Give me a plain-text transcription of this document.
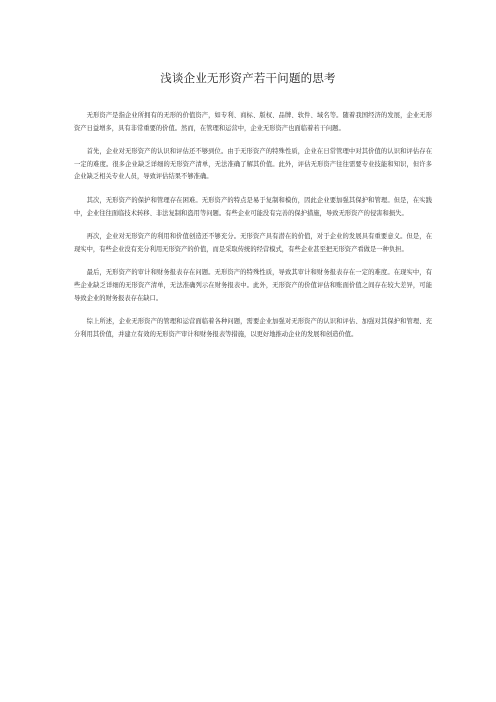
浅谈企业无形资产若干问题的思考

无形资产是指企业所拥有的无形的价值资产，如专利、商标、版权、品牌、软件、域名等。随着我国经济的发展，企业无形资产日益增多，具有非常重要的价值。然而，在管理和运营中，企业无形资产也面临着若干问题。

首先，企业对无形资产的认识和评估还不够到位。由于无形资产的特殊性质，企业在日常管理中对其价值的认识和评估存在一定的难度。很多企业缺乏详细的无形资产清单，无法准确了解其价值。此外，评估无形资产往往需要专业技能和知识，但许多企业缺乏相关专业人员，导致评估结果不够准确。

其次，无形资产的保护和管理存在困难。无形资产的特点是易于复制和模仿，因此企业要加强其保护和管理。但是，在实践中，企业往往面临技术转移、非法复制和盗用等问题。有些企业可能没有完善的保护措施，导致无形资产的侵害和损失。

再次，企业对无形资产的利用和价值创造还不够充分。无形资产具有潜在的价值，对于企业的发展具有重要意义。但是，在现实中，有些企业没有充分利用无形资产的价值，而是采取传统的经营模式，有些企业甚至把无形资产看做是一种负担。

最后，无形资产的审计和财务报表存在问题。无形资产的特殊性质，导致其审计和财务报表存在一定的难度。在现实中，有些企业缺乏详细的无形资产清单，无法准确列示在财务报表中。此外，无形资产的价值评估和账面价值之间存在较大差异，可能导致企业的财务报表存在缺口。

综上所述，企业无形资产的管理和运营面临着各种问题，需要企业加强对无形资产的认识和评估、加强对其保护和管理、充分利用其价值，并建立有效的无形资产审计和财务报表等措施，以更好地推动企业的发展和创造价值。
